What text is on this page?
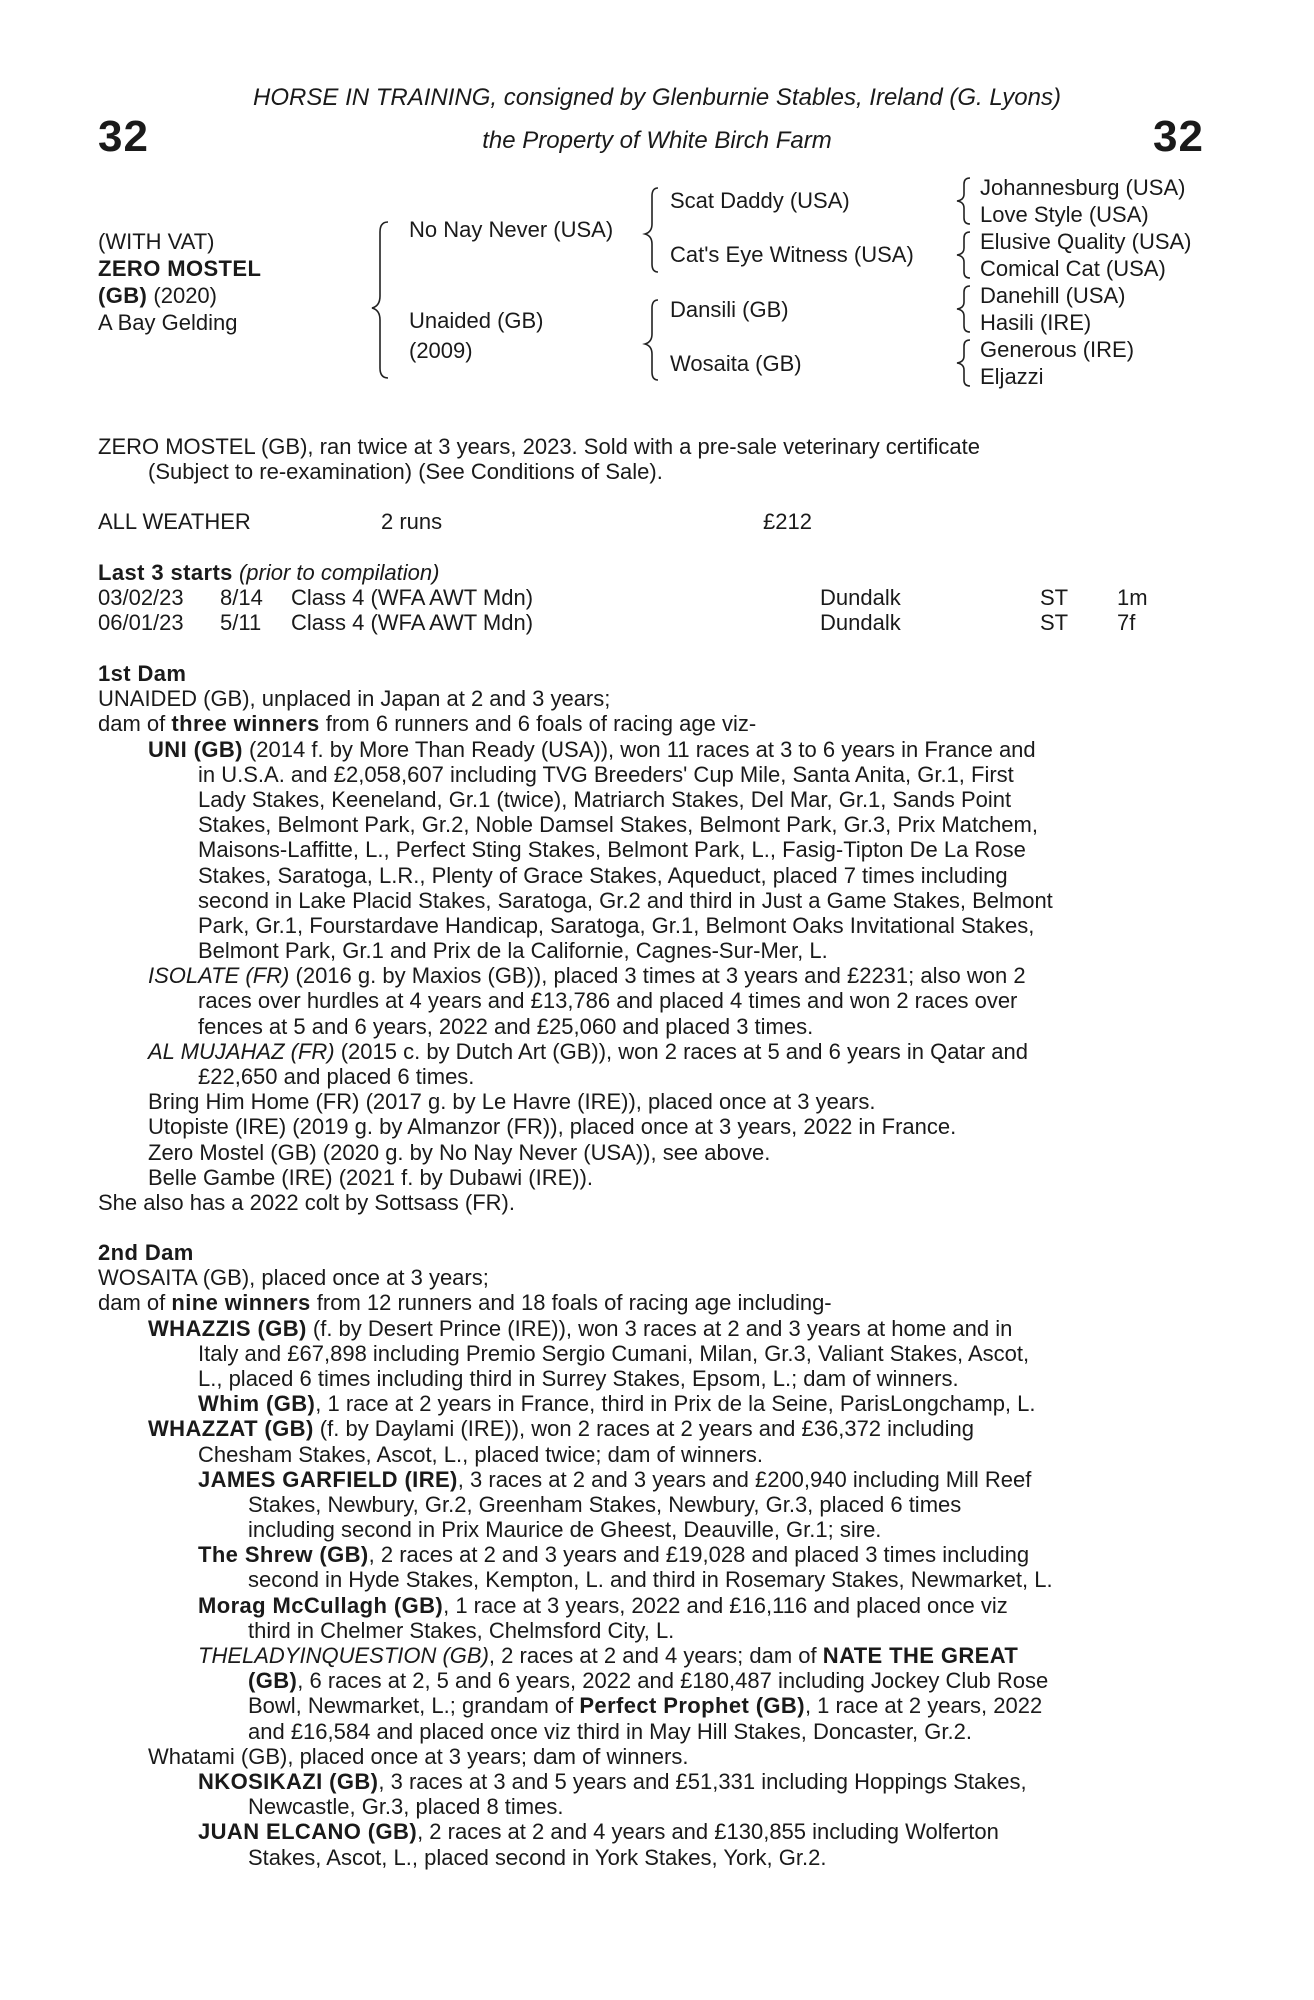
32	32
HORSE IN TRAINING, consigned by Glenburnie Stables, Ireland (G. Lyons)
the Property of White Birch Farm
(WITH VAT)
ZERO MOSTEL
(GB) (2020)
A Bay Gelding
No Nay Never (USA)
Unaided (GB)
(2009)
Scat Daddy (USA)
Cat's Eye Witness (USA)
Dansili (GB)
Wosaita (GB)
Johannesburg (USA)
Love Style (USA)
Elusive Quality (USA)
Comical Cat (USA)
Danehill (USA)
Hasili (IRE)
Generous (IRE)
Eljazzi
ZERO MOSTEL (GB), ran twice at 3 years, 2023. Sold with a pre-sale veterinary certificate
(Subject to re-examination) (See Conditions of Sale).
ALL WEATHER	2 runs	£212
Last 3 starts (prior to compilation)
03/02/23 8/14 Class 4 (WFA AWT Mdn)	Dundalk	ST 1m
06/01/23 5/11 Class 4 (WFA AWT Mdn)	Dundalk	ST 7f
1st Dam
UNAIDED (GB), unplaced in Japan at 2 and 3 years;
dam of three winners from 6 runners and 6 foals of racing age viz-
UNI (GB) (2014 f. by More Than Ready (USA)), won 11 races at 3 to 6 years in France and
in U.S.A. and £2,058,607 including TVG Breeders' Cup Mile, Santa Anita, Gr.1, First
Lady Stakes, Keeneland, Gr.1 (twice), Matriarch Stakes, Del Mar, Gr.1, Sands Point
Stakes, Belmont Park, Gr.2, Noble Damsel Stakes, Belmont Park, Gr.3, Prix Matchem,
Maisons-Laffitte, L., Perfect Sting Stakes, Belmont Park, L., Fasig-Tipton De La Rose
Stakes, Saratoga, L.R., Plenty of Grace Stakes, Aqueduct, placed 7 times including
second in Lake Placid Stakes, Saratoga, Gr.2 and third in Just a Game Stakes, Belmont
Park, Gr.1, Fourstardave Handicap, Saratoga, Gr.1, Belmont Oaks Invitational Stakes,
Belmont Park, Gr.1 and Prix de la Californie, Cagnes-Sur-Mer, L.
ISOLATE (FR) (2016 g. by Maxios (GB)), placed 3 times at 3 years and £2231; also won 2
races over hurdles at 4 years and £13,786 and placed 4 times and won 2 races over
fences at 5 and 6 years, 2022 and £25,060 and placed 3 times.
AL MUJAHAZ (FR) (2015 c. by Dutch Art (GB)), won 2 races at 5 and 6 years in Qatar and
£22,650 and placed 6 times.
Bring Him Home (FR) (2017 g. by Le Havre (IRE)), placed once at 3 years.
Utopiste (IRE) (2019 g. by Almanzor (FR)), placed once at 3 years, 2022 in France.
Zero Mostel (GB) (2020 g. by No Nay Never (USA)), see above.
Belle Gambe (IRE) (2021 f. by Dubawi (IRE)).
She also has a 2022 colt by Sottsass (FR).
2nd Dam
WOSAITA (GB), placed once at 3 years;
dam of nine winners from 12 runners and 18 foals of racing age including-
WHAZZIS (GB) (f. by Desert Prince (IRE)), won 3 races at 2 and 3 years at home and in
Italy and £67,898 including Premio Sergio Cumani, Milan, Gr.3, Valiant Stakes, Ascot,
L., placed 6 times including third in Surrey Stakes, Epsom, L.; dam of winners.
Whim (GB), 1 race at 2 years in France, third in Prix de la Seine, ParisLongchamp, L.
WHAZZAT (GB) (f. by Daylami (IRE)), won 2 races at 2 years and £36,372 including
Chesham Stakes, Ascot, L., placed twice; dam of winners.
JAMES GARFIELD (IRE), 3 races at 2 and 3 years and £200,940 including Mill Reef
Stakes, Newbury, Gr.2, Greenham Stakes, Newbury, Gr.3, placed 6 times
including second in Prix Maurice de Gheest, Deauville, Gr.1; sire.
The Shrew (GB), 2 races at 2 and 3 years and £19,028 and placed 3 times including
second in Hyde Stakes, Kempton, L. and third in Rosemary Stakes, Newmarket, L.
Morag McCullagh (GB), 1 race at 3 years, 2022 and £16,116 and placed once viz
third in Chelmer Stakes, Chelmsford City, L.
THELADYINQUESTION (GB), 2 races at 2 and 4 years; dam of NATE THE GREAT
(GB), 6 races at 2, 5 and 6 years, 2022 and £180,487 including Jockey Club Rose
Bowl, Newmarket, L.; grandam of Perfect Prophet (GB), 1 race at 2 years, 2022
and £16,584 and placed once viz third in May Hill Stakes, Doncaster, Gr.2.
Whatami (GB), placed once at 3 years; dam of winners.
NKOSIKAZI (GB), 3 races at 3 and 5 years and £51,331 including Hoppings Stakes,
Newcastle, Gr.3, placed 8 times.
JUAN ELCANO (GB), 2 races at 2 and 4 years and £130,855 including Wolferton
Stakes, Ascot, L., placed second in York Stakes, York, Gr.2.
